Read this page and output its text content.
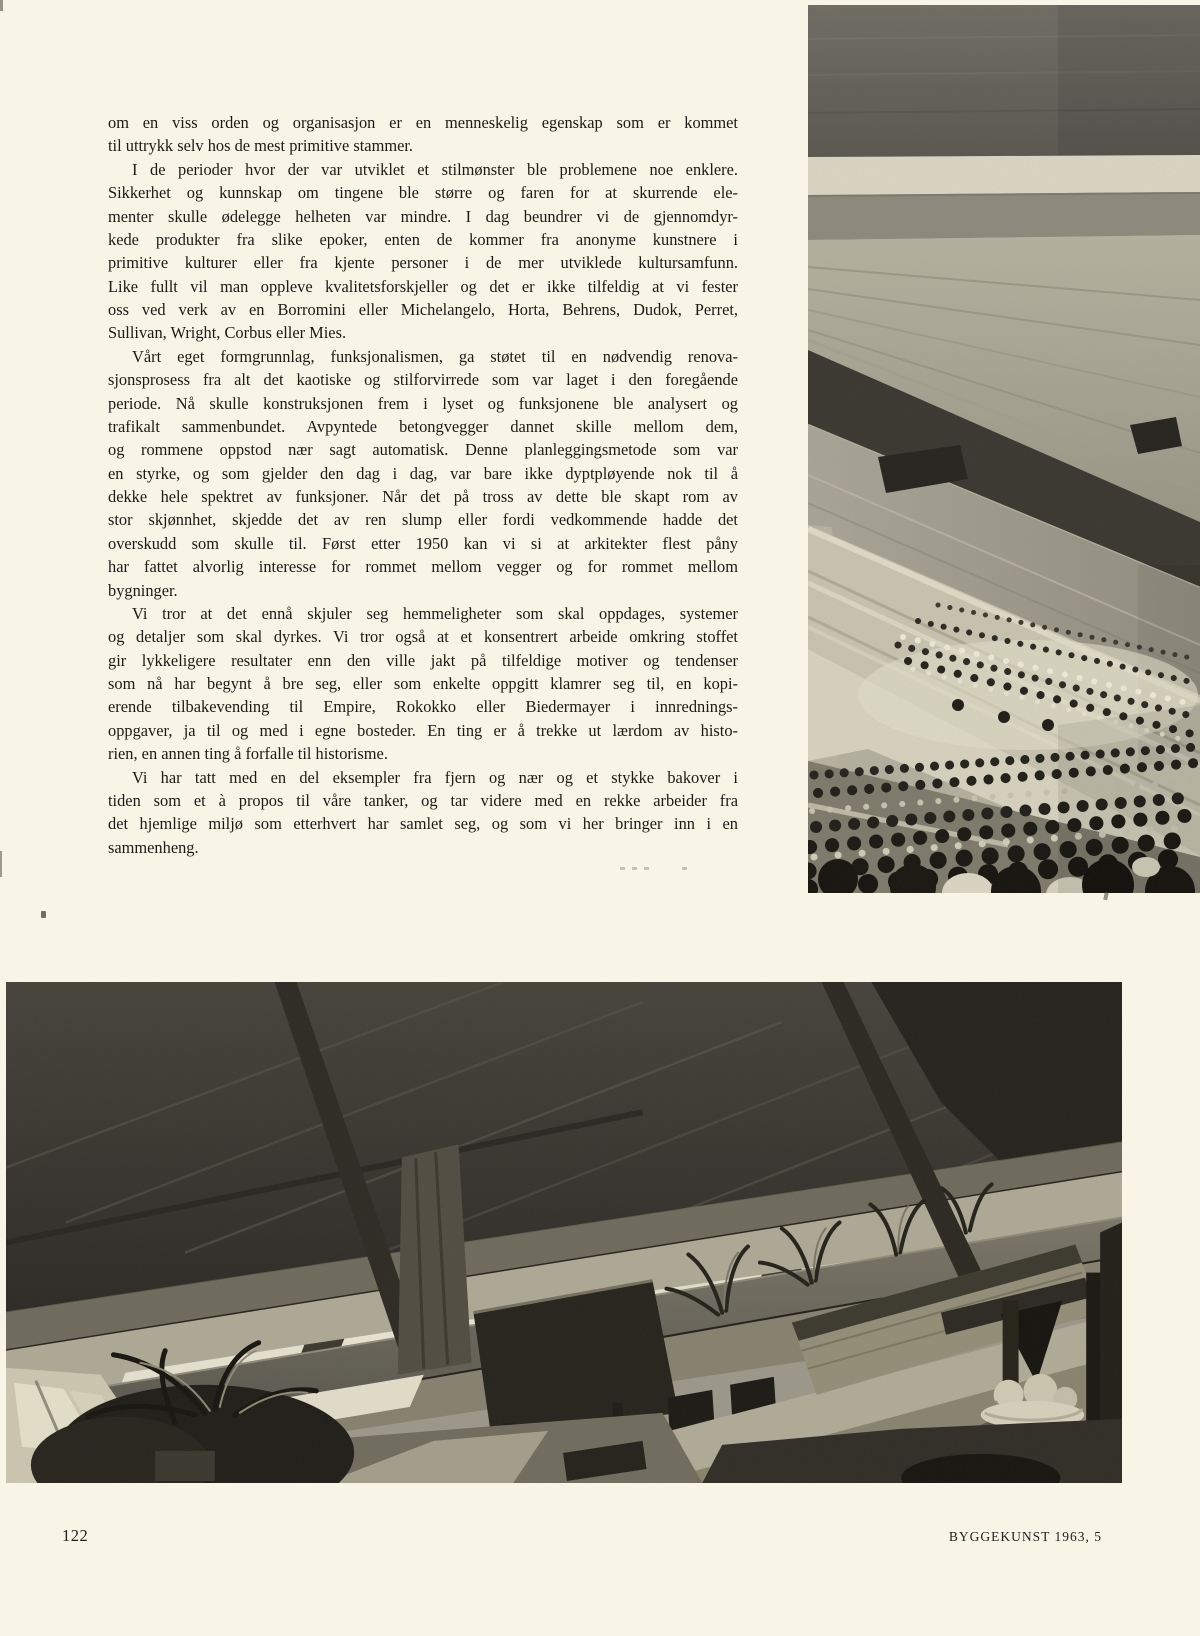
om en viss orden og organisasjon er en menneskelig egenskap som er kommet
til uttrykk selv hos de mest primitive stammer.
I de perioder hvor der var utviklet et stilmønster ble problemene noe enklere.
Sikkerhet og kunnskap om tingene ble større og faren for at skurrende ele-
menter skulle ødelegge helheten var mindre. I dag beundrer vi de gjennomdyr-
kede produkter fra slike epoker, enten de kommer fra anonyme kunstnere i
primitive kulturer eller fra kjente personer i de mer utviklede kultursamfunn.
Like fullt vil man oppleve kvalitetsforskjeller og det er ikke tilfeldig at vi fester
oss ved verk av en Borromini eller Michelangelo, Horta, Behrens, Dudok, Perret,
Sullivan, Wright, Corbus eller Mies.
Vårt eget formgrunnlag, funksjonalismen, ga støtet til en nødvendig renova-
sjonsprosess fra alt det kaotiske og stilforvirrede som var laget i den foregående
periode. Nå skulle konstruksjonen frem i lyset og funksjonene ble analysert og
trafikalt sammenbundet. Avpyntede betongvegger dannet skille mellom dem,
og rommene oppstod nær sagt automatisk. Denne planleggingsmetode som var
en styrke, og som gjelder den dag i dag, var bare ikke dyptpløyende nok til å
dekke hele spektret av funksjoner. Når det på tross av dette ble skapt rom av
stor skjønnhet, skjedde det av ren slump eller fordi vedkommende hadde det
overskudd som skulle til. Først etter 1950 kan vi si at arkitekter flest påny
har fattet alvorlig interesse for rommet mellom vegger og for rommet mellom
bygninger.
Vi tror at det ennå skjuler seg hemmeligheter som skal oppdages, systemer
og detaljer som skal dyrkes. Vi tror også at et konsentrert arbeide omkring stoffet
gir lykkeligere resultater enn den ville jakt på tilfeldige motiver og tendenser
som nå har begynt å bre seg, eller som enkelte oppgitt klamrer seg til, en kopi-
erende tilbakevending til Empire, Rokokko eller Biedermayer i innrednings-
oppgaver, ja til og med i egne bosteder. En ting er å trekke ut lærdom av histo-
rien, en annen ting å forfalle til historisme.
Vi har tatt med en del eksempler fra fjern og nær og et stykke bakover i
tiden som et à propos til våre tanker, og tar videre med en rekke arbeider fra
det hjemlige miljø som etterhvert har samlet seg, og som vi her bringer inn i en
sammenheng.
122	BYGGEKUNST 1963, 5
